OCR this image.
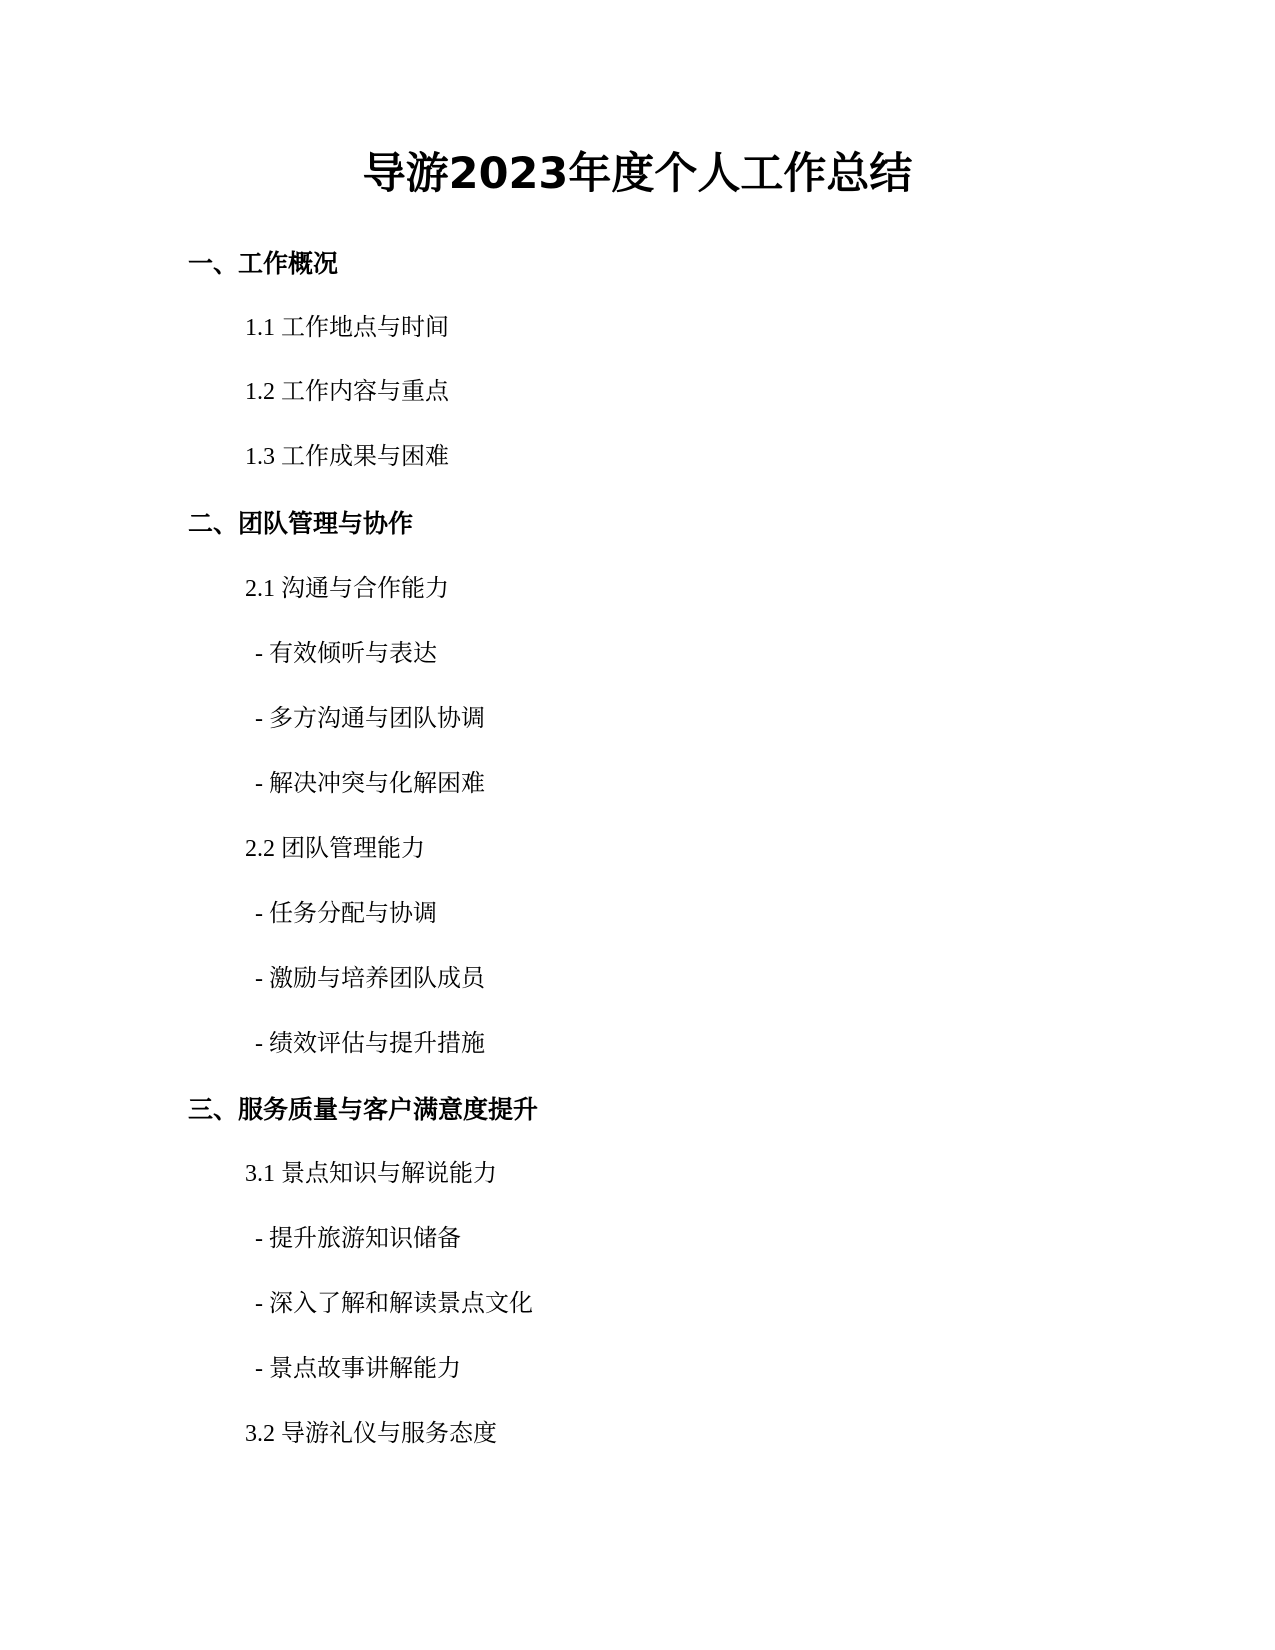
导游2023年度个人工作总结
一、工作概况
1.1 工作地点与时间
1.2 工作内容与重点
1.3 工作成果与困难
二、团队管理与协作
2.1 沟通与合作能力
- 有效倾听与表达
- 多方沟通与团队协调
- 解决冲突与化解困难
2.2 团队管理能力
- 任务分配与协调
- 激励与培养团队成员
- 绩效评估与提升措施
三、服务质量与客户满意度提升
3.1 景点知识与解说能力
- 提升旅游知识储备
- 深入了解和解读景点文化
- 景点故事讲解能力
3.2 导游礼仪与服务态度
